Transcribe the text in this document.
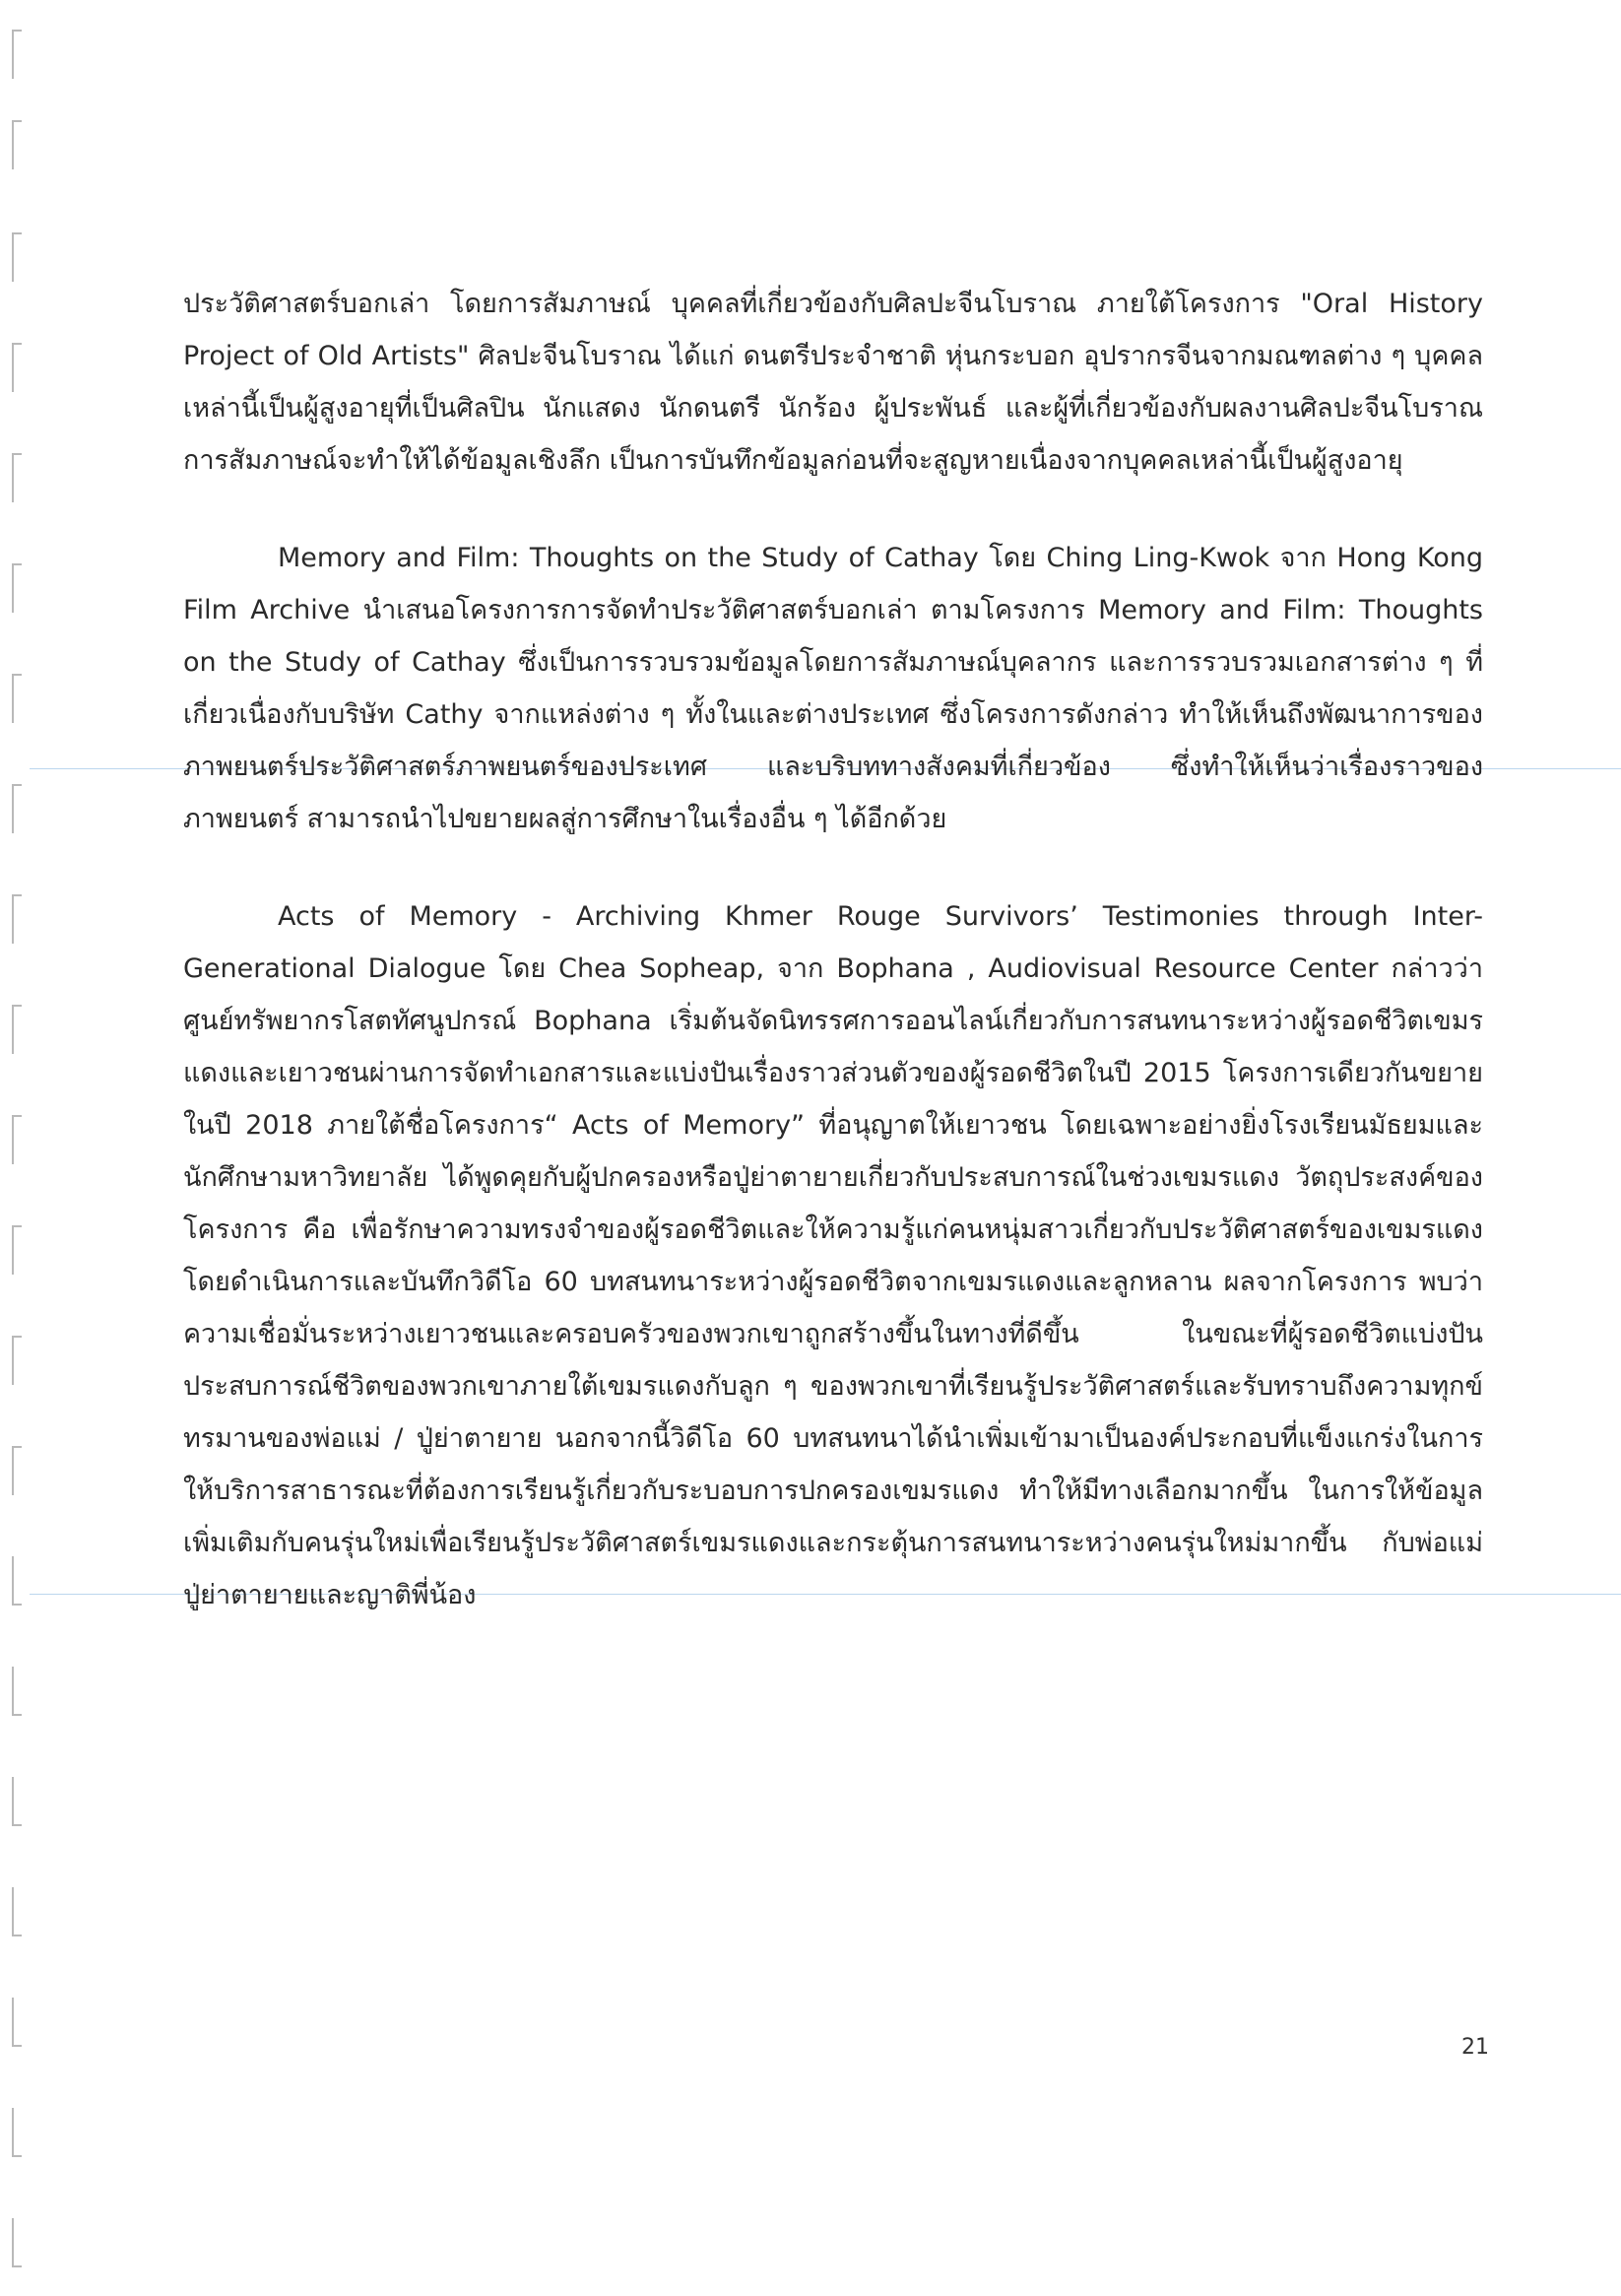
ประวัติศาสตร์บอกเล่า โดยการสัมภาษณ์ บุคคลที่เกี่ยวข้องกับศิลปะจีนโบราณ ภายใต้โครงการ "Oral History Project of Old Artists" ศิลปะจีนโบราณ ได้แก่ ดนตรีประจำชาติ หุ่นกระบอก อุปรากรจีนจากมณฑลต่าง ๆ บุคคลเหล่านี้เป็นผู้สูงอายุที่เป็นศิลปิน นักแสดง นักดนตรี นักร้อง ผู้ประพันธ์ และผู้ที่เกี่ยวข้องกับผลงานศิลปะจีนโบราณ การสัมภาษณ์จะทำให้ได้ข้อมูลเชิงลึก เป็นการบันทึกข้อมูลก่อนที่จะสูญหายเนื่องจากบุคคลเหล่านี้เป็นผู้สูงอายุ

Memory and Film: Thoughts on the Study of Cathay โดย Ching Ling-Kwok จาก Hong Kong Film Archive นำเสนอโครงการการจัดทำประวัติศาสตร์บอกเล่า ตามโครงการ Memory and Film: Thoughts on the Study of Cathay ซึ่งเป็นการรวบรวมข้อมูลโดยการสัมภาษณ์บุคลากร และการรวบรวมเอกสารต่าง ๆ ที่เกี่ยวเนื่องกับบริษัท Cathy จากแหล่งต่าง ๆ ทั้งในและต่างประเทศ ซึ่งโครงการดังกล่าว ทำให้เห็นถึงพัฒนาการของภาพยนตร์ประวัติศาสตร์ภาพยนตร์ของประเทศ และบริบททางสังคมที่เกี่ยวข้อง ซึ่งทำให้เห็นว่าเรื่องราวของภาพยนตร์ สามารถนำไปขยายผลสู่การศึกษาในเรื่องอื่น ๆ ได้อีกด้วย

Acts of Memory - Archiving Khmer Rouge Survivors’ Testimonies through Inter- Generational Dialogue โดย Chea Sopheap, จาก Bophana , Audiovisual Resource Center กล่าวว่า ศูนย์ทรัพยากรโสตทัศนูปกรณ์ Bophana เริ่มต้นจัดนิทรรศการออนไลน์เกี่ยวกับการสนทนาระหว่างผู้รอดชีวิตเขมรแดงและเยาวชนผ่านการจัดทำเอกสารและแบ่งปันเรื่องราวส่วนตัวของผู้รอดชีวิตในปี 2015 โครงการเดียวกันขยายในปี 2018 ภายใต้ชื่อโครงการ“ Acts of Memory” ที่อนุญาตให้เยาวชน โดยเฉพาะอย่างยิ่งโรงเรียนมัธยมและนักศึกษามหาวิทยาลัย ได้พูดคุยกับผู้ปกครองหรือปู่ย่าตายายเกี่ยวกับประสบการณ์ในช่วงเขมรแดง วัตถุประสงค์ของโครงการ คือ เพื่อรักษาความทรงจำของผู้รอดชีวิตและให้ความรู้แก่คนหนุ่มสาวเกี่ยวกับประวัติศาสตร์ของเขมรแดงโดยดำเนินการและบันทึกวิดีโอ 60 บทสนทนาระหว่างผู้รอดชีวิตจากเขมรแดงและลูกหลาน ผลจากโครงการ พบว่า ความเชื่อมั่นระหว่างเยาวชนและครอบครัวของพวกเขาถูกสร้างขึ้นในทางที่ดีขึ้น ในขณะที่ผู้รอดชีวิตแบ่งปันประสบการณ์ชีวิตของพวกเขาภายใต้เขมรแดงกับลูก ๆ ของพวกเขาที่เรียนรู้ประวัติศาสตร์และรับทราบถึงความทุกข์ทรมานของพ่อแม่ / ปู่ย่าตายาย นอกจากนี้วิดีโอ 60 บทสนทนาได้นำเพิ่มเข้ามาเป็นองค์ประกอบที่แข็งแกร่งในการให้บริการสาธารณะที่ต้องการเรียนรู้เกี่ยวกับระบอบการปกครองเขมรแดง ทำให้มีทางเลือกมากขึ้น ในการให้ข้อมูลเพิ่มเติมกับคนรุ่นใหม่เพื่อเรียนรู้ประวัติศาสตร์เขมรแดงและกระตุ้นการสนทนาระหว่างคนรุ่นใหม่มากขึ้น กับพ่อแม่ปู่ย่าตายายและญาติพี่น้อง

21
